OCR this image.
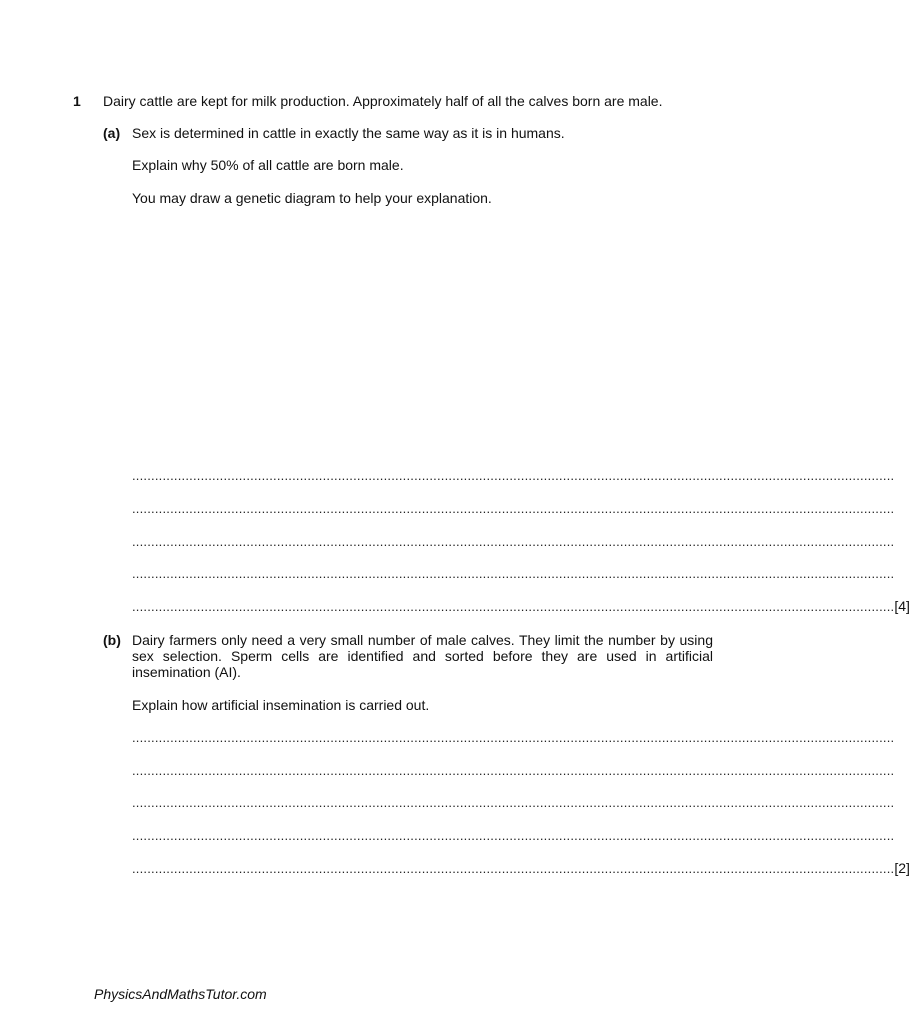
1 Dairy cattle are kept for milk production. Approximately half of all the calves born are male.
(a) Sex is determined in cattle in exactly the same way as it is in humans.
Explain why 50% of all cattle are born male.
You may draw a genetic diagram to help your explanation.
........................................................................................................................................................................................................
........................................................................................................................................................................................................
........................................................................................................................................................................................................
........................................................................................................................................................................................................
........................................................................................................................................................................................................ [4]
(b) Dairy farmers only need a very small number of male calves. They limit the number by using sex selection. Sperm cells are identified and sorted before they are used in artificial insemination (AI).
Explain how artificial insemination is carried out.
........................................................................................................................................................................................................
........................................................................................................................................................................................................
........................................................................................................................................................................................................
........................................................................................................................................................................................................
........................................................................................................................................................................................................ [2]
PhysicsAndMathsTutor.com
